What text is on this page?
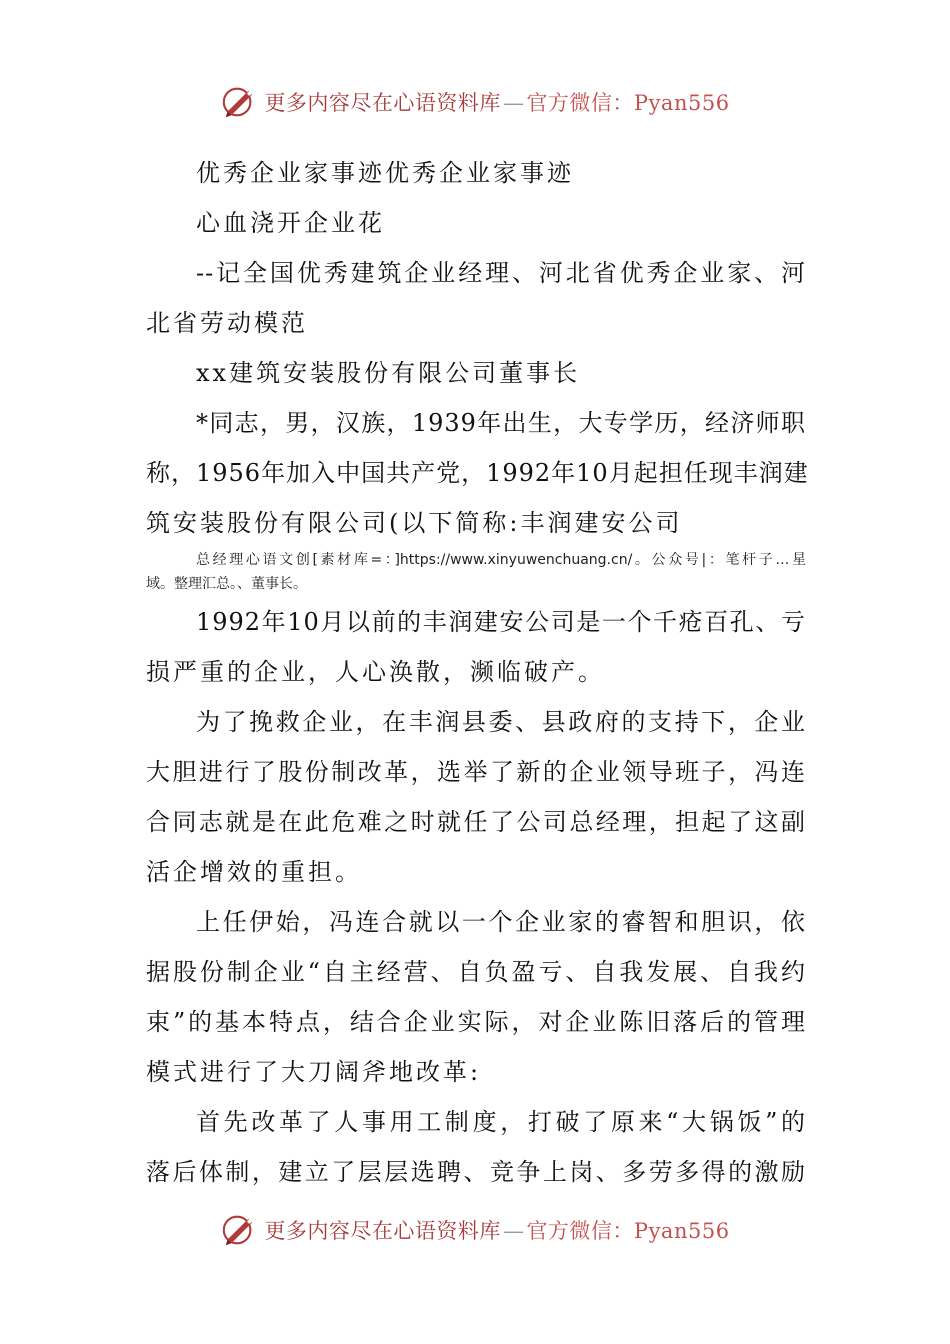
更多内容尽在心语资料库—官方微信：Pyan556
优秀企业家事迹优秀企业家事迹
心血浇开企业花
--记全国优秀建筑企业经理、河北省优秀企业家、河
北省劳动模范
xx建筑安装股份有限公司董事长
*同志，男，汉族，1939年出生，大专学历，经济师职
称，1956年加入中国共产党，1992年10月起担任现丰润建
筑安装股份有限公司(以下简称:丰润建安公司
总经理心语文创[素材库=：]https://www.xinyuwenchuang.cn/。公众号|：笔杆子…星
域。整理汇总。、董事长。
1992年10月以前的丰润建安公司是一个千疮百孔、亏
损严重的企业，人心涣散，濒临破产。
为了挽救企业，在丰润县委、县政府的支持下，企业
大胆进行了股份制改革，选举了新的企业领导班子，冯连
合同志就是在此危难之时就任了公司总经理，担起了这副
活企增效的重担。
上任伊始，冯连合就以一个企业家的睿智和胆识，依
据股份制企业“自主经营、自负盈亏、自我发展、自我约
束”的基本特点，结合企业实际，对企业陈旧落后的管理
模式进行了大刀阔斧地改革:
首先改革了人事用工制度，打破了原来“大锅饭”的
落后体制，建立了层层选聘、竞争上岗、多劳多得的激励
更多内容尽在心语资料库—官方微信：Pyan556
